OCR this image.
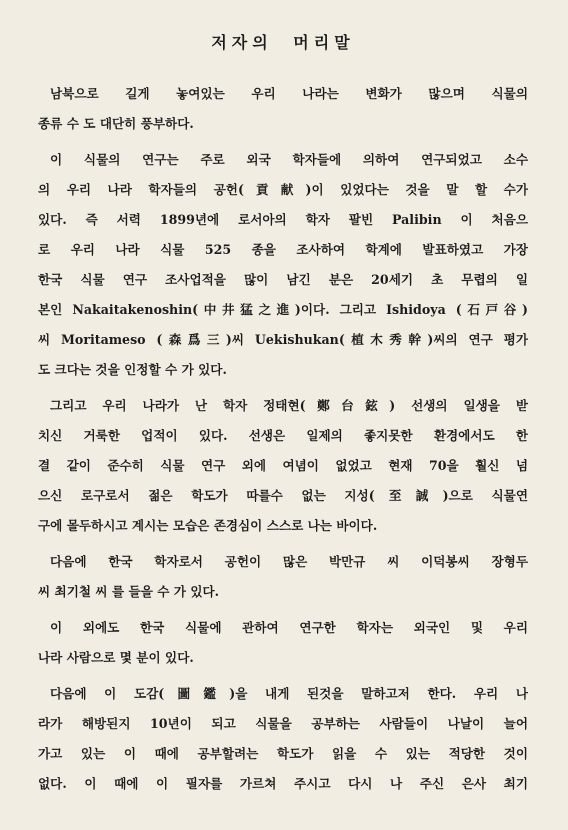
저자의 머리말
남북으로 길게 놓여있는 우리 나라는 변화가 많으며 식물의
종류 수 도 대단히 풍부하다.
이 식물의 연구는 주로 외국 학자들에 의하여 연구되었고 소수
의 우리 나라 학자들의 공헌(貢献)이 있었다는 것을 말 할 수가
있다. 즉 서력 1899년에 로서아의 학자 팔빈 Palibin 이 처음으
로 우리 나라 식물 525 종을 조사하여 학계에 발표하였고 가장
한국 식물 연구 조사업적을 많이 남긴 분은 20세기 초 무렵의 일
본인 Nakaitakenoshin(中井猛之進)이다. 그리고 Ishidoya (石戸谷)
씨 Moritameso (森爲三)씨 Uekishukan(植木秀幹)씨의 연구 평가
도 크다는 것을 인정할 수 가 있다.
그리고 우리 나라가 난 학자 정태현(鄭台鉉) 선생의 일생을 받
치신 거룩한 업적이 있다. 선생은 일제의 좋지못한 환경에서도 한
결 같이 준수히 식물 연구 외에 여념이 없었고 현재 70을 훨신 넘
으신 로구로서 젊은 학도가 따를수 없는 지성(至誠)으로 식물연
구에 몰두하시고 계시는 모습은 존경심이 스스로 나는 바이다.
다음에 한국 학자로서 공헌이 많은 박만규 씨 이덕봉씨 장형두
씨 최기철 씨 를 들을 수 가 있다.
이 외에도 한국 식물에 관하여 연구한 학자는 외국인 및 우리
나라 사람으로 몇 분이 있다.
다음에 이 도감(圖鑑)을 내게 된것을 말하고저 한다. 우리 나
라가 해방된지 10년이 되고 식물을 공부하는 사람들이 나날이 늘어
가고 있는 이 때에 공부할려는 학도가 읽을 수 있는 적당한 것이
없다. 이 때에 이 필자를 가르쳐 주시고 다시 나 주신 은사 최기
